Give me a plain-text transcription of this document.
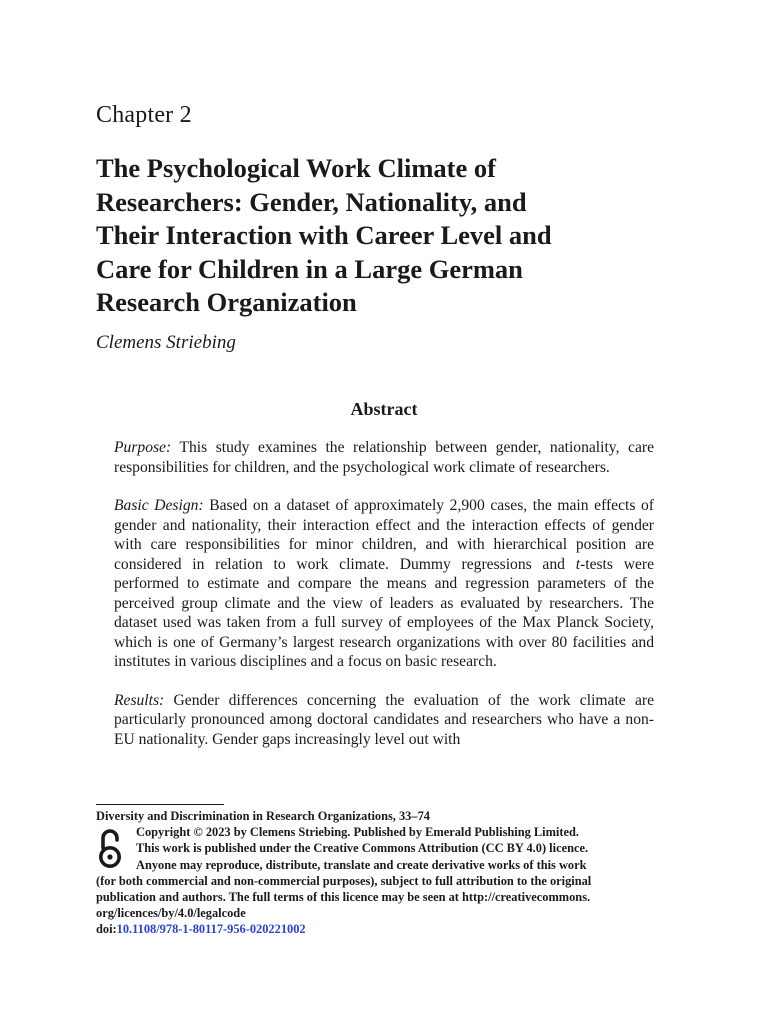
Chapter 2
The Psychological Work Climate of
Researchers: Gender, Nationality, and
Their Interaction with Career Level and
Care for Children in a Large German
Research Organization
Clemens Striebing
Abstract

Purpose: This study examines the relationship between gender, nationality, care responsibilities for children, and the psychological work climate of researchers.

Basic Design: Based on a dataset of approximately 2,900 cases, the main effects of gender and nationality, their interaction effect and the interaction effects of gender with care responsibilities for minor children, and with hierarchical position are considered in relation to work climate. Dummy regressions and t-tests were performed to estimate and compare the means and regression parameters of the perceived group climate and the view of leaders as evaluated by researchers. The dataset used was taken from a full survey of employees of the Max Planck Society, which is one of Germany’s largest research organizations with over 80 facilities and institutes in various disciplines and a focus on basic research.

Results: Gender differences concerning the evaluation of the work climate are particularly pronounced among doctoral candidates and researchers who have a non-EU nationality. Gender gaps increasingly level out with

Diversity and Discrimination in Research Organizations, 33–74
Copyright © 2023 by Clemens Striebing. Published by Emerald Publishing Limited.
This work is published under the Creative Commons Attribution (CC BY 4.0) licence.
Anyone may reproduce, distribute, translate and create derivative works of this work
(for both commercial and non-commercial purposes), subject to full attribution to the original
publication and authors. The full terms of this licence may be seen at http://creativecommons.
org/licences/by/4.0/legalcode
doi:10.1108/978-1-80117-956-020221002
